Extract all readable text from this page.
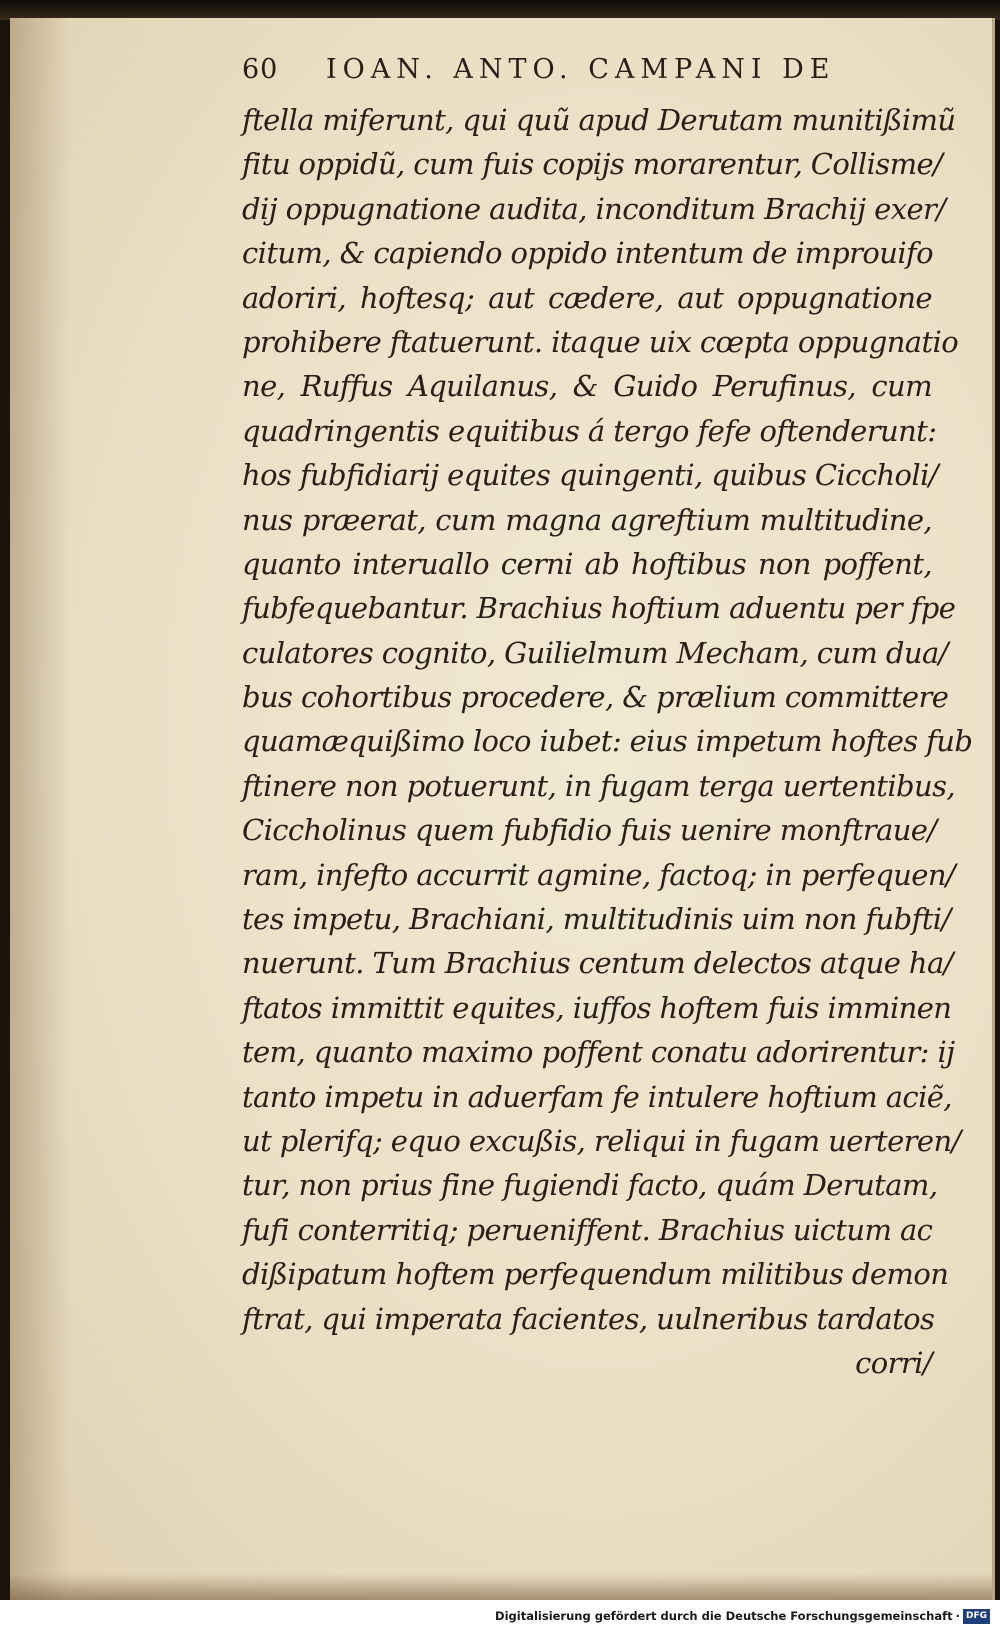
60	IOAN. ANTO. CAMPANI DE
ftella miferunt, qui quũ apud Derutam munitißimũ
fitu oppidũ, cum fuis copijs morarentur, Collisme/
dij oppugnatione audita, inconditum Brachij exer/
citum, & capiendo oppido intentum de improuifo
adoriri, hoftesq; aut cædere, aut oppugnatione
prohibere ftatuerunt. itaque uix cœpta oppugnatio
ne, Ruffus Aquilanus, & Guido Perufinus, cum
quadringentis equitibus á tergo fefe oftenderunt:
hos fubfidiarij equites quingenti, quibus Ciccholi/
nus præerat, cum magna agreftium multitudine,
quanto interuallo cerni ab hoftibus non poffent,
fubfequebantur. Brachius hoftium aduentu per fpe
culatores cognito, Guilielmum Mecham, cum dua/
bus cohortibus procedere, & prælium committere
quamæquißimo loco iubet: eius impetum hoftes fub
ftinere non potuerunt, in fugam terga uertentibus,
Ciccholinus quem fubfidio fuis uenire monftraue/
ram, infefto accurrit agmine, factoq; in perfequen/
tes impetu, Brachiani, multitudinis uim non fubfti/
nuerunt. Tum Brachius centum delectos atque ha/
ftatos immittit equites, iuffos hoftem fuis imminen
tem, quanto maximo poffent conatu adorirentur: ij
tanto impetu in aduerfam fe intulere hoftium aciẽ,
ut plerifq; equo excußis, reliqui in fugam uerteren/
tur, non prius fine fugiendi facto, quám Derutam,
fufi conterritiq; perueniffent. Brachius uictum ac
dißipatum hoftem perfequendum militibus demon
ftrat, qui imperata facientes, uulneribus tardatos
corri/
Digitalisierung gefördert durch die Deutsche Forschungsgemeinschaft · DFG
